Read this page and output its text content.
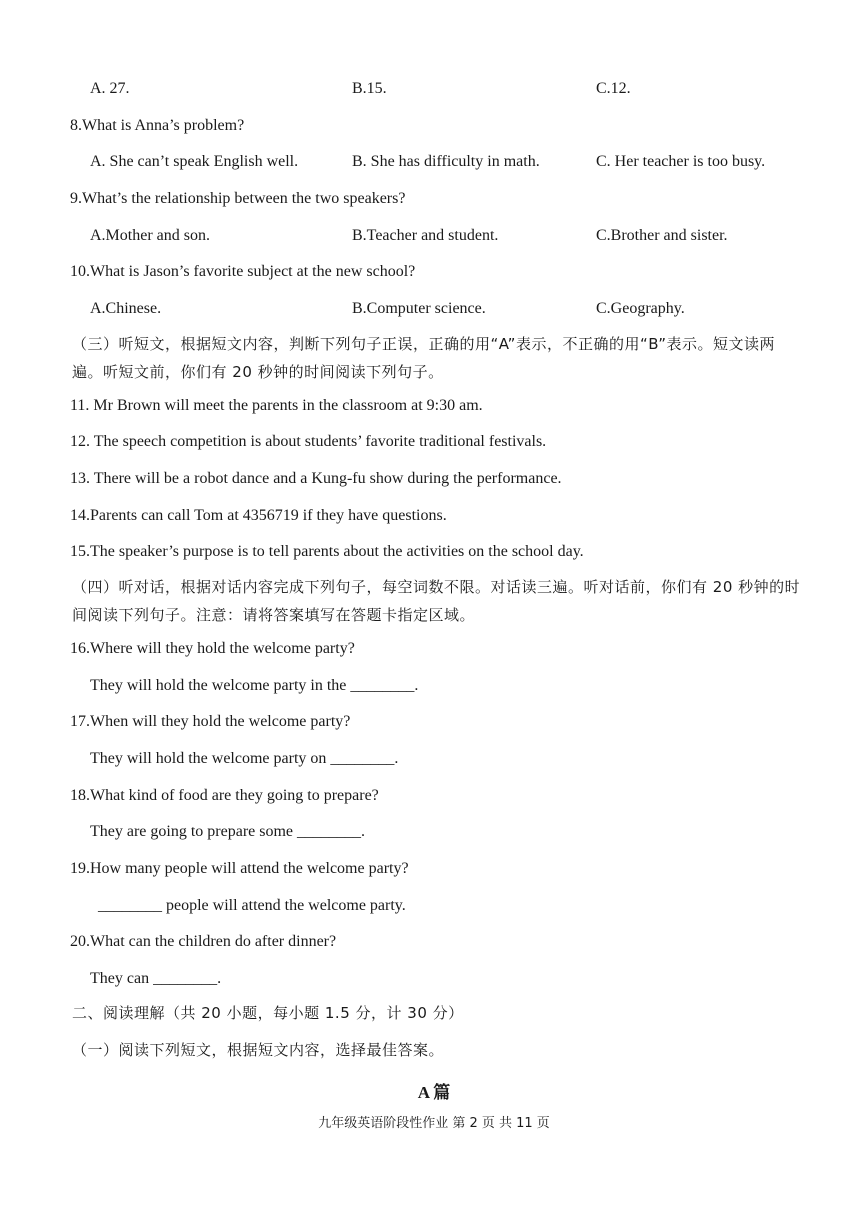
A. 27.	B.15.	C.12.
8.What is Anna’s problem?
A. She can’t speak English well.	B. She has difficulty in math.	C. Her teacher is too busy.
9.What’s the relationship between the two speakers?
A.Mother and son.	B.Teacher and student.	C.Brother and sister.
10.What is Jason’s favorite subject at the new school?
A.Chinese.	B.Computer science.	C.Geography.
（三）听短文，根据短文内容，判断下列句子正误，正确的用“A”表示，不正确的用“B”表示。短文读两遍。听短文前，你们有 20 秒钟的时间阅读下列句子。
11. Mr Brown will meet the parents in the classroom at 9:30 am.
12. The speech competition is about students’ favorite traditional festivals.
13. There will be a robot dance and a Kung-fu show during the performance.
14.Parents can call Tom at 4356719 if they have questions.
15.The speaker’s purpose is to tell parents about the activities on the school day.
（四）听对话，根据对话内容完成下列句子，每空词数不限。对话读三遍。听对话前，你们有 20 秒钟的时间阅读下列句子。注意：请将答案填写在答题卡指定区域。
16.Where will they hold the welcome party?
They will hold the welcome party in the ________.
17.When will they hold the welcome party?
They will hold the welcome party on ________.
18.What kind of food are they going to prepare?
They are going to prepare some ________.
19.How many people will attend the welcome party?
________ people will attend the welcome party.
20.What can the children do after dinner?
They can ________.
二、阅读理解（共 20 小题，每小题 1.5 分，计 30 分）
（一）阅读下列短文，根据短文内容，选择最佳答案。
A 篇
九年级英语阶段性作业 第 2 页 共 11 页
